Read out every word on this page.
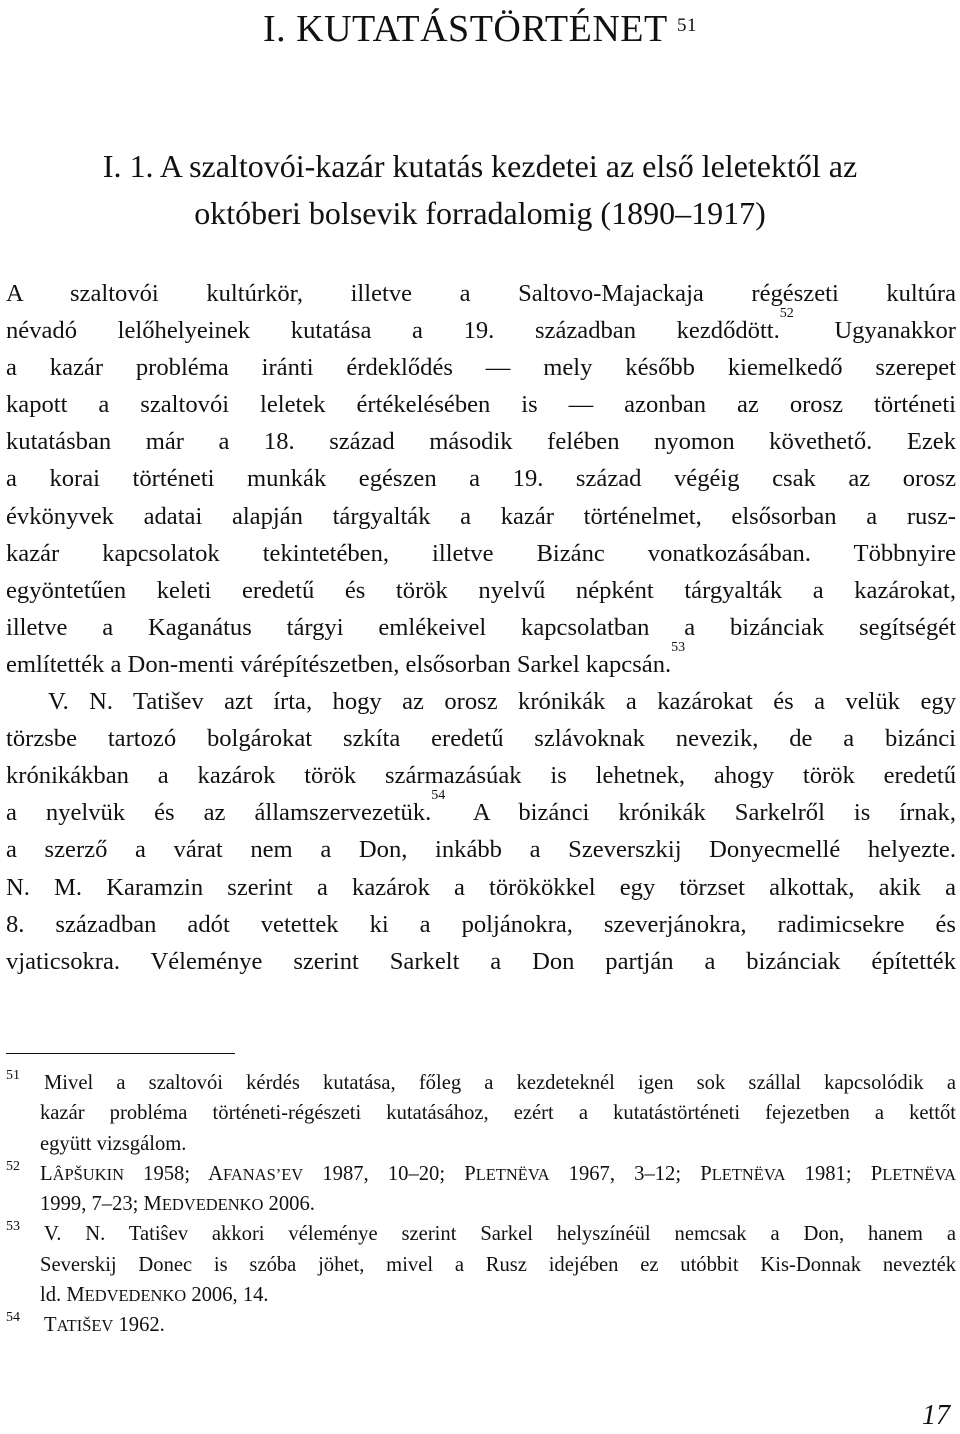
I. KUTATÁSTÖRTÉNET $^{51}$
I. 1. A szaltovói-kazár kutatás kezdetei az első leletektől az
októberi bolsevik forradalomig (1890–1917)
A szaltovói kultúrkör, illetve a Saltovo-Majackaja régészeti kultúra
névadó lelőhelyeinek kutatása a 19. században kezdődött.$^{52}$ Ugyanakkor
a kazár probléma iránti érdeklődés — mely később kiemelkedő szerepet
kapott a szaltovói leletek értékelésében is — azonban az orosz történeti
kutatásban már a 18. század második felében nyomon követhető. Ezek
a korai történeti munkák egészen a 19. század végéig csak az orosz
évkönyvek adatai alapján tárgyalták a kazár történelmet, elsősorban a rusz-
kazár kapcsolatok tekintetében, illetve Bizánc vonatkozásában. Többnyire
egyöntetűen keleti eredetű és török nyelvű népként tárgyalták a kazárokat,
illetve a Kaganátus tárgyi emlékeivel kapcsolatban a bizánciak segítségét
említették a Don-menti várépítészetben, elsősorban Sarkel kapcsán.$^{53}$
V. N. Tatišev azt írta, hogy az orosz krónikák a kazárokat és a velük egy
törzsbe tartozó bolgárokat szkíta eredetű szlávoknak nevezik, de a bizánci
krónikákban a kazárok török származásúak is lehetnek, ahogy török eredetű
a nyelvük és az államszervezetük.$^{54}$ A bizánci krónikák Sarkelről is írnak,
a szerző a várat nem a Don, inkább a Szeverszkij Donyecmellé helyezte.
N. M. Karamzin szerint a kazárok a törökökkel egy törzset alkottak, akik a
8. században adót vetettek ki a poljánokra, szeverjánokra, radimicsekre és
vjaticsokra. Véleménye szerint Sarkelt a Don partján a bizánciak építették
51 Mivel a szaltovói kérdés kutatása, főleg a kezdeteknél igen sok szállal kapcsolódik a
kazár probléma történeti-régészeti kutatásához, ezért a kutatástörténeti fejezetben a kettőt
együtt vizsgálom.
52 LÂPŠUKIN 1958; AFANAS’EV 1987, 10–20; PLETNËVA 1967, 3–12; PLETNËVA 1981; PLETNËVA
1999, 7–23; MEDVEDENKO 2006.
53 V. N. Tatiŝev akkori véleménye szerint Sarkel helyszínéül nemcsak a Don, hanem a
Severskij Donec is szóba jöhet, mivel a Rusz idejében ez utóbbit Kis-Donnak nevezték
ld. MEDVEDENKO 2006, 14.
54 TATIŠEV 1962.
17
